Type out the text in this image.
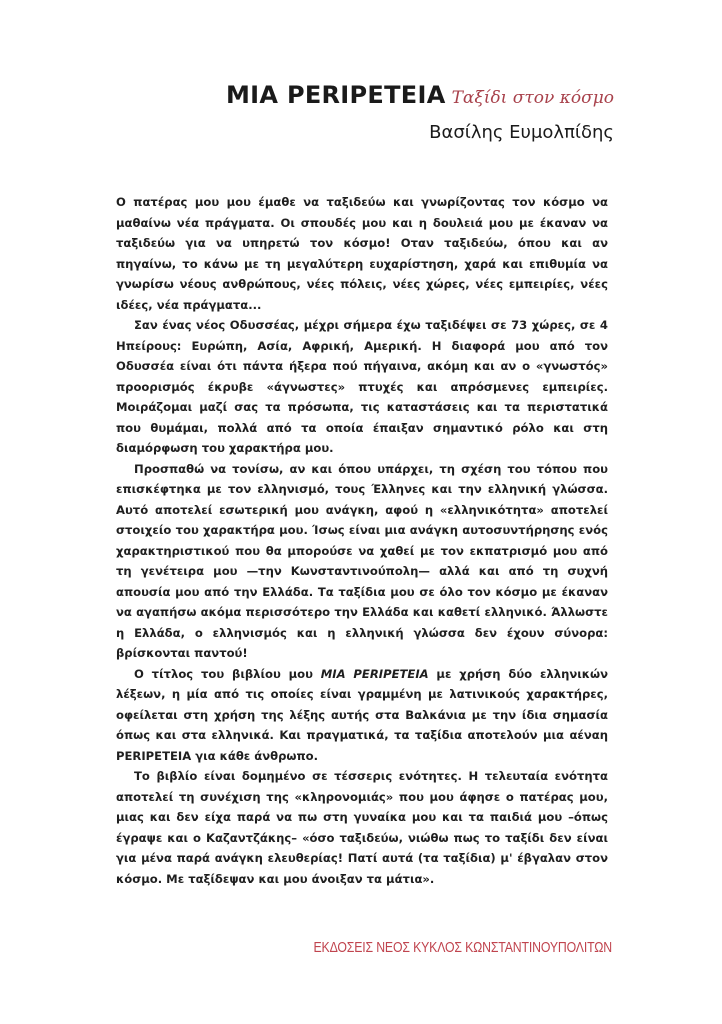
MIA PERIPETEIA Ταξίδι στον κόσμο
Βασίλης Ευμολπίδης

Ο πατέρας μου μου έμαθε να ταξιδεύω και γνωρίζοντας τον κόσμο να μαθαίνω νέα πράγματα. Οι σπουδές μου και η δουλειά μου με έκαναν να ταξιδεύω για να υπηρετώ τον κόσμο! Οταν ταξιδεύω, όπου και αν πηγαίνω, το κάνω με τη μεγαλύτερη ευχαρίστηση, χαρά και επιθυμία να γνωρίσω νέους ανθρώπους, νέες πόλεις, νέες χώρες, νέες εμπειρίες, νέες ιδέες, νέα πράγματα...

Σαν ένας νέος Οδυσσέας, μέχρι σήμερα έχω ταξιδέψει σε 73 χώρες, σε 4 Ηπείρους: Ευρώπη, Ασία, Αφρική, Αμερική. Η διαφορά μου από τον Οδυσσέα είναι ότι πάντα ήξερα πού πήγαινα, ακόμη και αν ο «γνωστός» προορισμός έκρυβε «άγνωστες» πτυχές και απρόσμενες εμπειρίες. Μοιράζομαι μαζί σας τα πρόσωπα, τις καταστάσεις και τα περιστατικά που θυμάμαι, πολλά από τα οποία έπαιξαν σημαντικό ρόλο και στη διαμόρφωση του χαρακτήρα μου.

Προσπαθώ να τονίσω, αν και όπου υπάρχει, τη σχέση του τόπου που επισκέφτηκα με τον ελληνισμό, τους Έλληνες και την ελληνική γλώσσα. Αυτό αποτελεί εσωτερική μου ανάγκη, αφού η «ελληνικότητα» αποτελεί στοιχείο του χαρακτήρα μου. Ίσως είναι μια ανάγκη αυτοσυντήρησης ενός χαρακτηριστικού που θα μπορούσε να χαθεί με τον εκπατρισμό μου από τη γενέτειρα μου —την Κωνσταντινούπολη— αλλά και από τη συχνή απουσία μου από την Ελλάδα. Τα ταξίδια μου σε όλο τον κόσμο με έκαναν να αγαπήσω ακόμα περισσότερο την Ελλάδα και καθετί ελληνικό. Άλλωστε η Ελλάδα, ο ελληνισμός και η ελληνική γλώσσα δεν έχουν σύνορα: βρίσκονται παντού!

Ο τίτλος του βιβλίου μου MIA PERIPETEIA με χρήση δύο ελληνικών λέξεων, η μία από τις οποίες είναι γραμμένη με λατινικούς χαρακτήρες, οφείλεται στη χρήση της λέξης αυτής στα Βαλκάνια με την ίδια σημασία όπως και στα ελληνικά. Και πραγματικά, τα ταξίδια αποτελούν μια αέναη PERIPETEIA για κάθε άνθρωπο.

Το βιβλίο είναι δομημένο σε τέσσερις ενότητες. Η τελευταία ενότητα αποτελεί τη συνέχιση της «κληρονομιάς» που μου άφησε ο πατέρας μου, μιας και δεν είχα παρά να πω στη γυναίκα μου και τα παιδιά μου –όπως έγραψε και ο Καζαντζάκης– «όσο ταξιδεύω, νιώθω πως το ταξίδι δεν είναι για μένα παρά ανάγκη ελευθερίας! Πατί αυτά (τα ταξίδια) μ' έβγαλαν στον κόσμο. Με ταξίδεψαν και μου άνοιξαν τα μάτια».

ΕΚΔΟΣΕΙΣ ΝΕΟΣ ΚΥΚΛΟΣ ΚΩΝΣΤΑΝΤΙΝΟΥΠΟΛΙΤΩΝ
